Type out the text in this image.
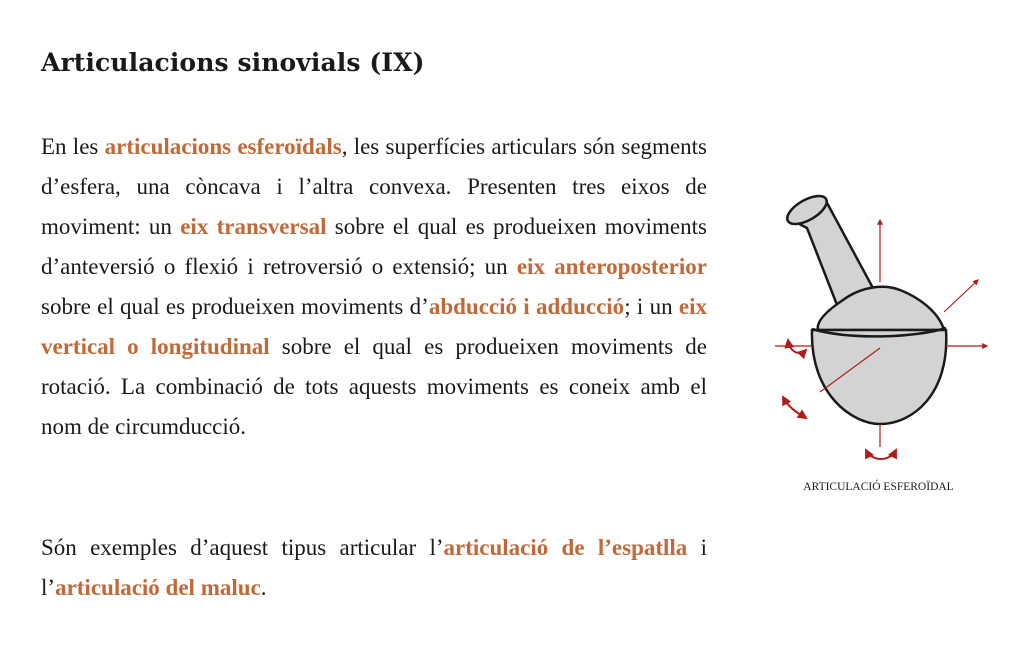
Articulacions sinovials (IX)
En les articulacions esferoïdals, les superfícies articulars són segments d’esfera, una còncava i l’altra convexa. Presenten tres eixos de moviment: un eix transversal sobre el qual es produeixen moviments d’anteversió o flexió i retroversió o extensió; un eix anteroposterior sobre el qual es produeixen moviments d’abducció i adducció; i un eix vertical o longitudinal sobre el qual es produeixen moviments de rotació. La combinació de tots aquests moviments es coneix amb el nom de circumducció.
Són exemples d’aquest tipus articular l’articulació de l’espatlla i l’articulació del maluc.
ARTICULACIÓ ESFEROÏDAL
